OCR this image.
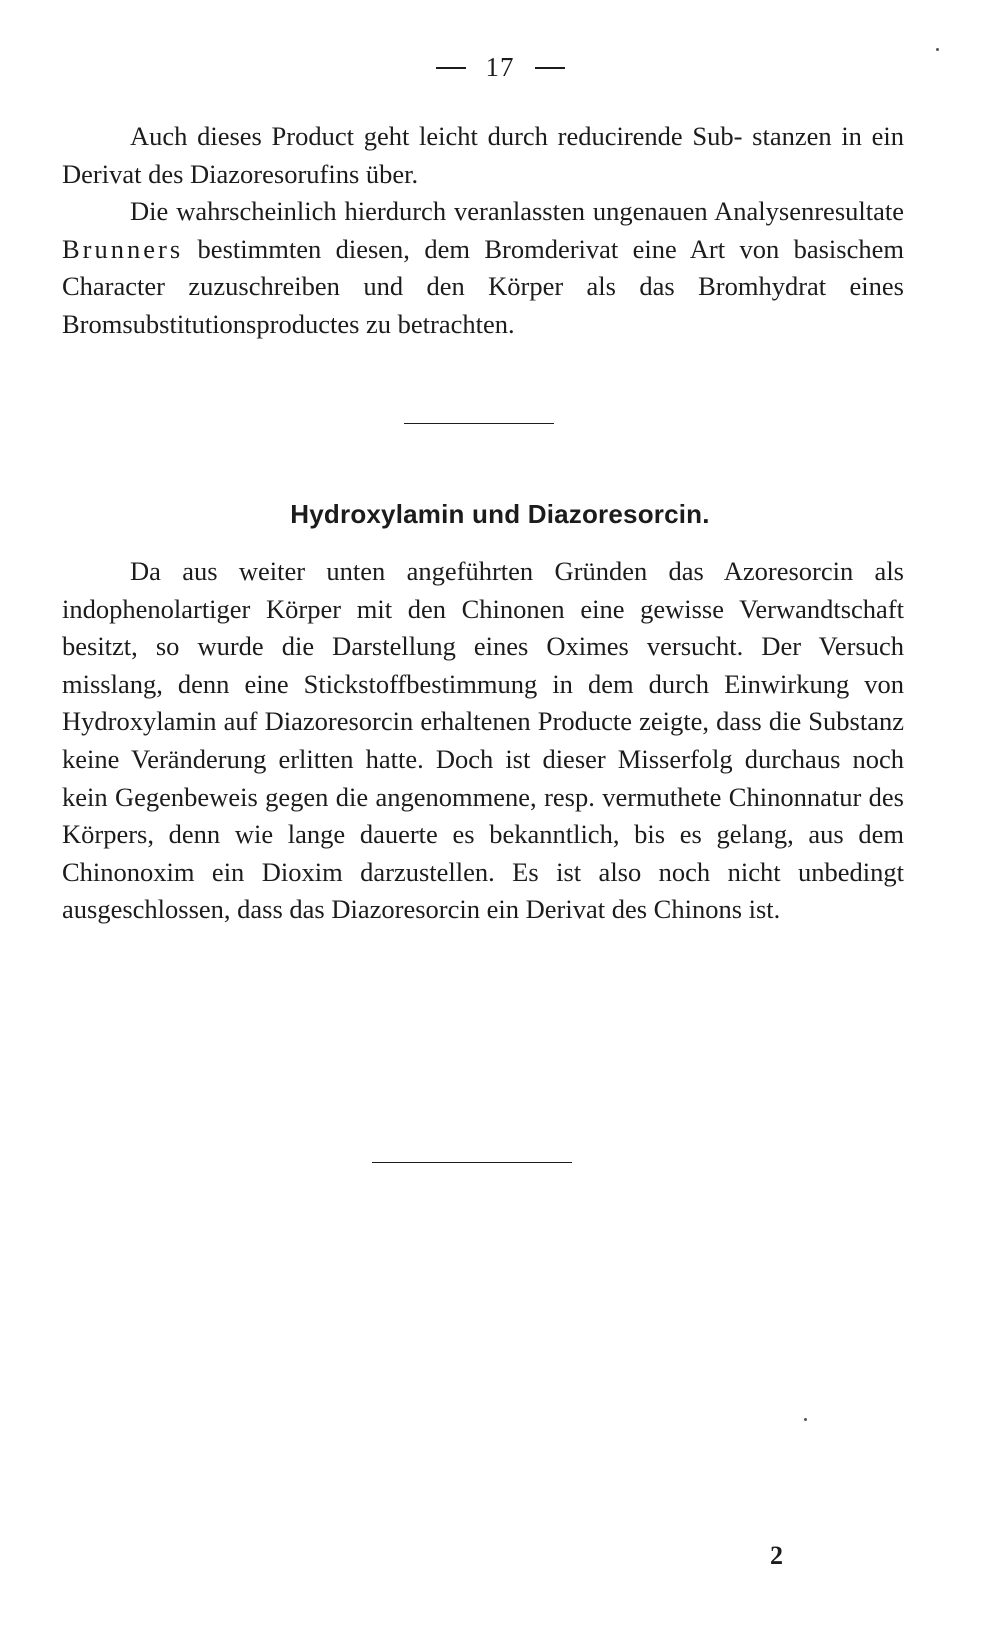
17

Auch dieses Product geht leicht durch reducirende Sub- stanzen in ein Derivat des Diazoresorufins über.

Die wahrscheinlich hierdurch veranlassten ungenauen Analysenresultate Brunners bestimmten diesen, dem Bromderivat eine Art von basischem Character zuzuschreiben und den Körper als das Bromhydrat eines Bromsubstitutionsproductes zu betrachten.

Hydroxylamin und Diazoresorcin.

Da aus weiter unten angeführten Gründen das Azoresorcin als indophenolartiger Körper mit den Chinonen eine gewisse Verwandtschaft besitzt, so wurde die Darstellung eines Oximes versucht. Der Versuch misslang, denn eine Stickstoffbestimmung in dem durch Einwirkung von Hydroxylamin auf Diazoresorcin erhaltenen Producte zeigte, dass die Substanz keine Veränderung erlitten hatte. Doch ist dieser Misserfolg durchaus noch kein Gegenbeweis gegen die angenommene, resp. vermuthete Chinonnatur des Körpers, denn wie lange dauerte es bekanntlich, bis es gelang, aus dem Chinonoxim ein Dioxim darzustellen. Es ist also noch nicht unbedingt ausgeschlossen, dass das Diazoresorcin ein Derivat des Chinons ist.

2
